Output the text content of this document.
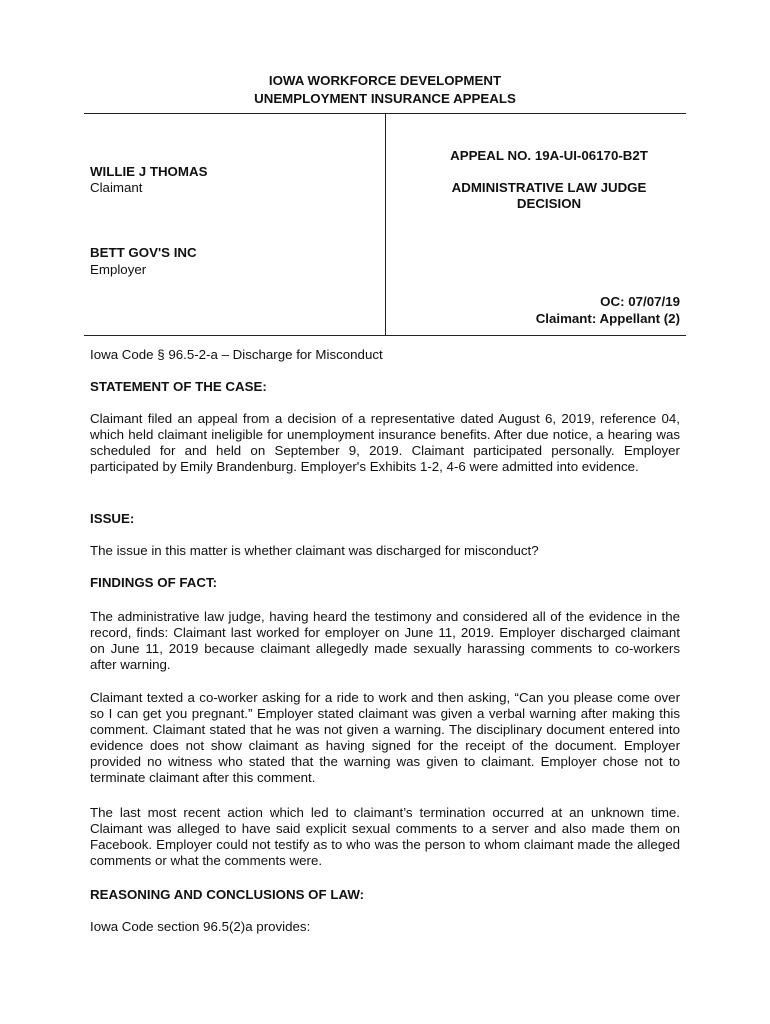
IOWA WORKFORCE DEVELOPMENT
UNEMPLOYMENT INSURANCE APPEALS
WILLIE J THOMAS
Claimant
BETT GOV'S INC
Employer
APPEAL NO. 19A-UI-06170-B2T
ADMINISTRATIVE LAW JUDGE
DECISION
OC: 07/07/19
Claimant: Appellant (2)
Iowa Code § 96.5-2-a – Discharge for Misconduct
STATEMENT OF THE CASE:
Claimant filed an appeal from a decision of a representative dated August 6, 2019, reference 04, which held claimant ineligible for unemployment insurance benefits. After due notice, a hearing was scheduled for and held on September 9, 2019. Claimant participated personally. Employer participated by Emily Brandenburg. Employer's Exhibits 1-2, 4-6 were admitted into evidence.
ISSUE:
The issue in this matter is whether claimant was discharged for misconduct?
FINDINGS OF FACT:
The administrative law judge, having heard the testimony and considered all of the evidence in the record, finds: Claimant last worked for employer on June 11, 2019. Employer discharged claimant on June 11, 2019 because claimant allegedly made sexually harassing comments to co-workers after warning.
Claimant texted a co-worker asking for a ride to work and then asking, “Can you please come over so I can get you pregnant.” Employer stated claimant was given a verbal warning after making this comment. Claimant stated that he was not given a warning. The disciplinary document entered into evidence does not show claimant as having signed for the receipt of the document. Employer provided no witness who stated that the warning was given to claimant. Employer chose not to terminate claimant after this comment.
The last most recent action which led to claimant’s termination occurred at an unknown time. Claimant was alleged to have said explicit sexual comments to a server and also made them on Facebook. Employer could not testify as to who was the person to whom claimant made the alleged comments or what the comments were.
REASONING AND CONCLUSIONS OF LAW:
Iowa Code section 96.5(2)a provides:
